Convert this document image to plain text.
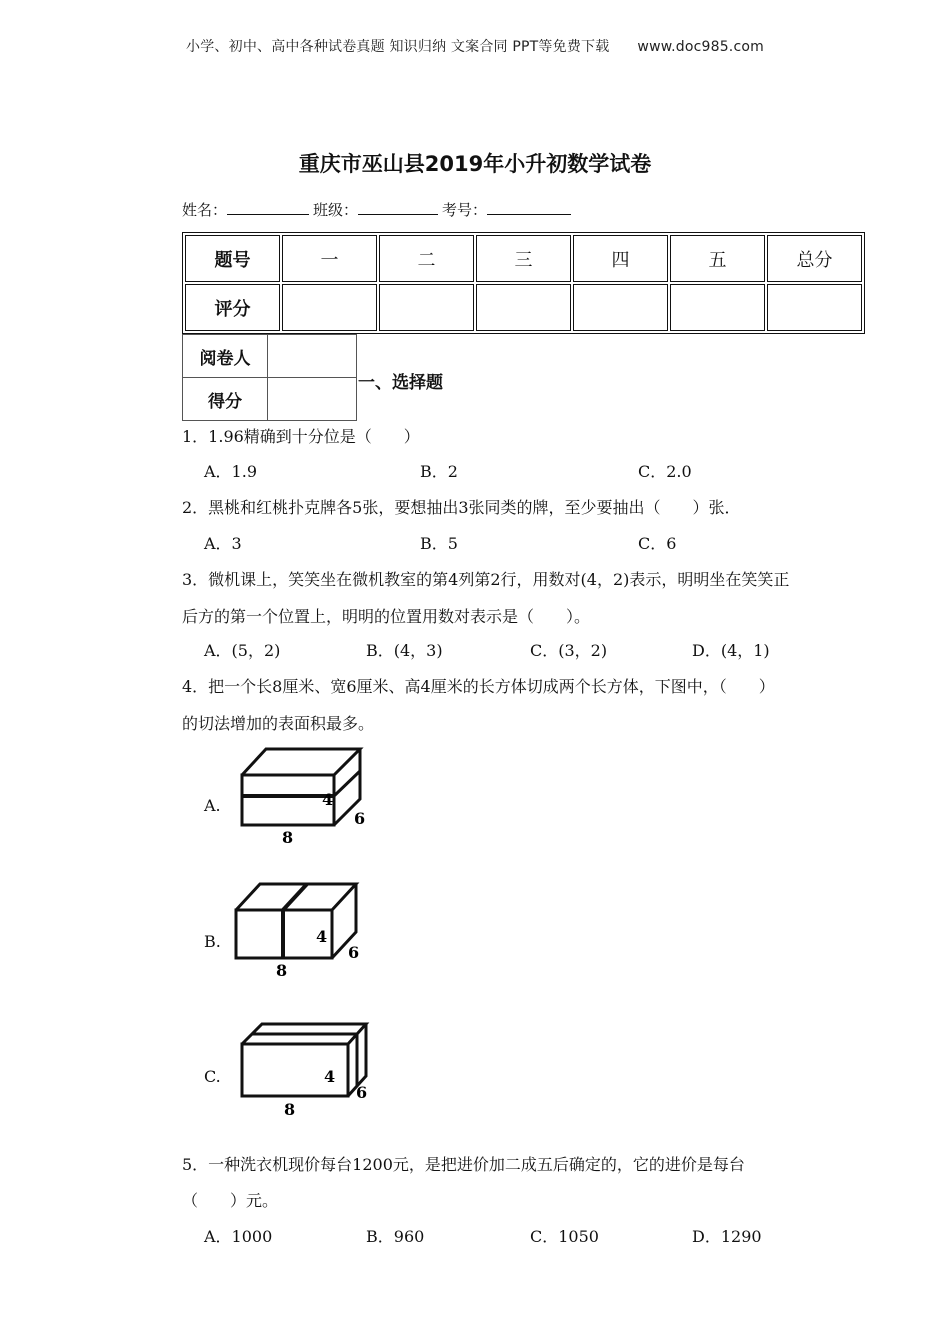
小学、初中、高中各种试卷真题 知识归纳 文案合同 PPT等免费下载 www.doc985.com
重庆市巫山县2019年小升初数学试卷
姓名：	班级：	考号：
题号	一	二	三	四	五	总分
评分						
阅卷人	
得分	
一、选择题
1．1.96精确到十分位是（　　）
A．1.9	B．2	C．2.0
2．黑桃和红桃扑克牌各5张，要想抽出3张同类的牌，至少要抽出（　　）张．
A．3	B．5	C．6
3．微机课上，笑笑坐在微机教室的第4列第2行，用数对(4，2)表示，明明坐在笑笑正
后方的第一个位置上，明明的位置用数对表示是（　　）。
A．(5，2)	B．(4，3)	C．(3，2)	D．(4，1)
4．把一个长8厘米、宽6厘米、高4厘米的长方体切成两个长方体，下图中，（　　）
的切法增加的表面积最多。
A.	4
6
8
B.	4
6
8
C.	4
6
8
5．一种洗衣机现价每台1200元，是把进价加二成五后确定的，它的进价是每台
（　　）元。
A．1000	B．960	C．1050	D．1290
